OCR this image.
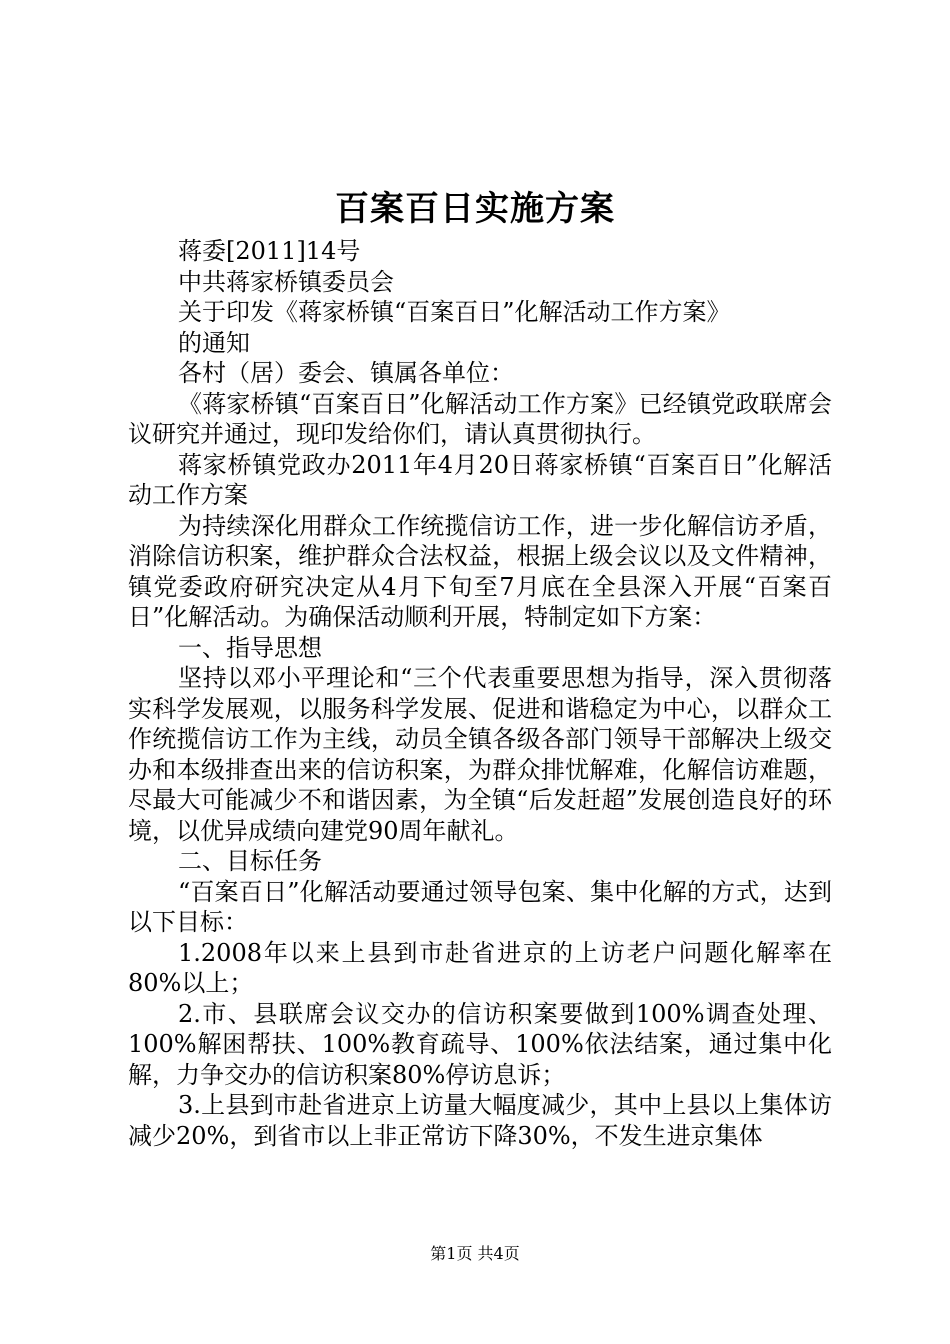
百案百日实施方案

蒋委[2011]14号

中共蒋家桥镇委员会

关于印发《蒋家桥镇“百案百日”化解活动工作方案》

的通知

各村（居）委会、镇属各单位：

《蒋家桥镇“百案百日”化解活动工作方案》已经镇党政联席会议研究并通过，现印发给你们，请认真贯彻执行。

蒋家桥镇党政办2011年4月20日蒋家桥镇“百案百日”化解活动工作方案

为持续深化用群众工作统揽信访工作，进一步化解信访矛盾，消除信访积案，维护群众合法权益，根据上级会议以及文件精神，镇党委政府研究决定从4月下旬至7月底在全县深入开展“百案百日”化解活动。为确保活动顺利开展，特制定如下方案：

一、指导思想

坚持以邓小平理论和“三个代表重要思想为指导，深入贯彻落实科学发展观，以服务科学发展、促进和谐稳定为中心，以群众工作统揽信访工作为主线，动员全镇各级各部门领导干部解决上级交办和本级排查出来的信访积案，为群众排忧解难，化解信访难题，尽最大可能减少不和谐因素，为全镇“后发赶超”发展创造良好的环境，以优异成绩向建党90周年献礼。

二、目标任务

“百案百日”化解活动要通过领导包案、集中化解的方式，达到以下目标：

1.2008年以来上县到市赴省进京的上访老户问题化解率在80%以上；

2.市、县联席会议交办的信访积案要做到100%调查处理、100%解困帮扶、100%教育疏导、100%依法结案，通过集中化解，力争交办的信访积案80%停访息诉；

3.上县到市赴省进京上访量大幅度减少，其中上县以上集体访减少20%，到省市以上非正常访下降30%，不发生进京集体

第1页 共4页
